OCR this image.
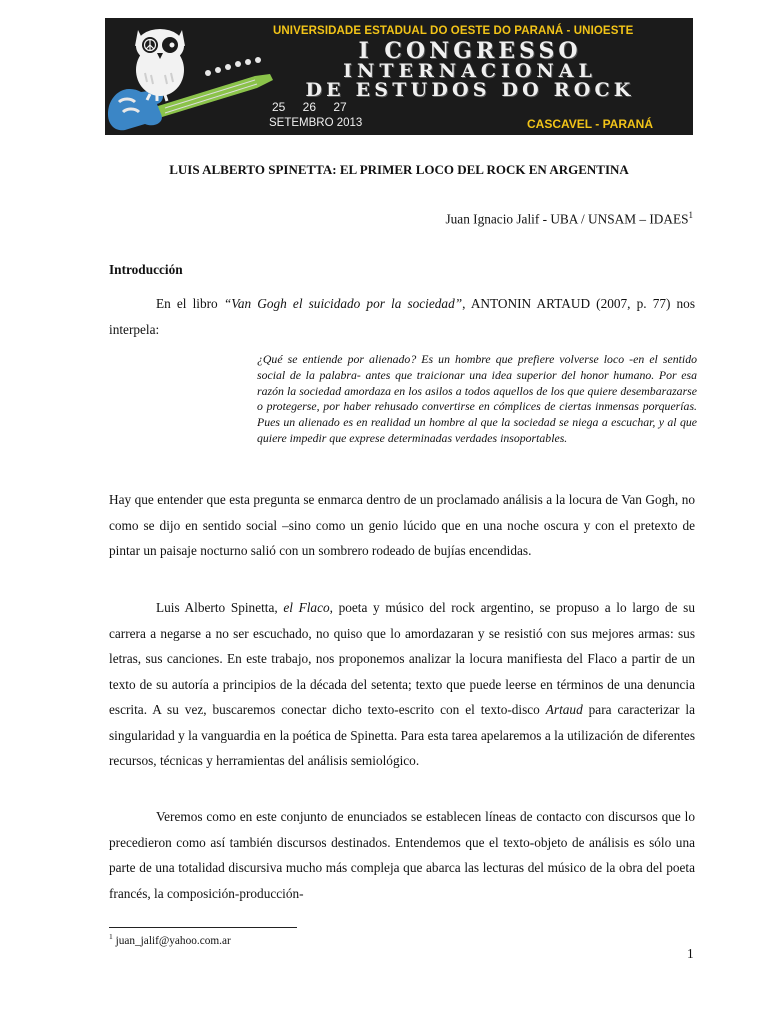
UNIVERSIDADE ESTADUAL DO OESTE DO PARANÁ - UNIOESTE
I CONGRESSO
INTERNACIONAL
DE ESTUDOS DO ROCK
25 26 27
SETEMBRO 2013	CASCAVEL - PARANÁ
LUIS ALBERTO SPINETTA: EL PRIMER LOCO DEL ROCK EN ARGENTINA
Juan Ignacio Jalif - UBA / UNSAM – IDAES$^1$
Introducción
En el libro “Van Gogh el suicidado por la sociedad”, ANTONIN ARTAUD (2007, p. 77) nos interpela:
¿Qué se entiende por alienado? Es un hombre que prefiere volverse loco -en el sentido social de la palabra- antes que traicionar una idea superior del honor humano. Por esa razón la sociedad amordaza en los asilos a todos aquellos de los que quiere desembarazarse o protegerse, por haber rehusado convertirse en cómplices de ciertas inmensas porquerías. Pues un alienado es en realidad un hombre al que la sociedad se niega a escuchar, y al que quiere impedir que exprese determinadas verdades insoportables.
Hay que entender que esta pregunta se enmarca dentro de un proclamado análisis a la locura de Van Gogh, no como se dijo en sentido social –sino como un genio lúcido que en una noche oscura y con el pretexto de pintar un paisaje nocturno salió con un sombrero rodeado de bujías encendidas.
Luis Alberto Spinetta, el Flaco, poeta y músico del rock argentino, se propuso a lo largo de su carrera a negarse a no ser escuchado, no quiso que lo amordazaran y se resistió con sus mejores armas: sus letras, sus canciones. En este trabajo, nos proponemos analizar la locura manifiesta del Flaco a partir de un texto de su autoría a principios de la década del setenta; texto que puede leerse en términos de una denuncia escrita. A su vez, buscaremos conectar dicho texto-escrito con el texto-disco Artaud para caracterizar la singularidad y la vanguardia en la poética de Spinetta. Para esta tarea apelaremos a la utilización de diferentes recursos, técnicas y herramientas del análisis semiológico.
Veremos como en este conjunto de enunciados se establecen líneas de contacto con discursos que lo precedieron como así también discursos destinados. Entendemos que el texto-objeto de análisis es sólo una parte de una totalidad discursiva mucho más compleja que abarca las lecturas del músico de la obra del poeta francés, la composición-producción-
$^1$ juan_jalif@yahoo.com.ar
1
